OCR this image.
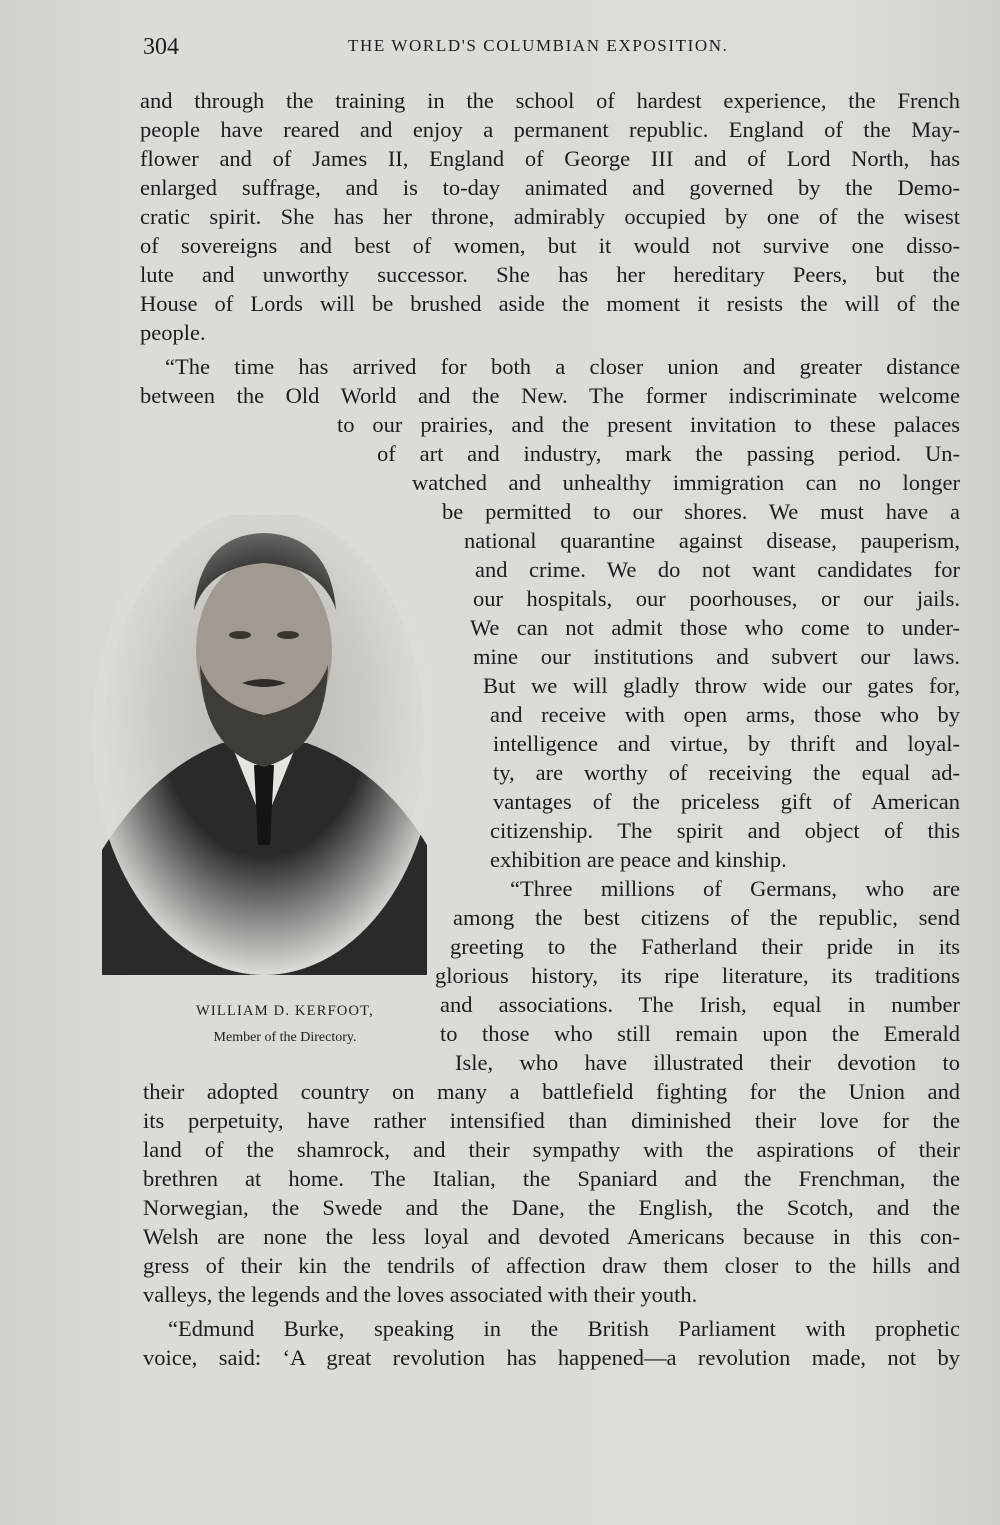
304	THE WORLD'S COLUMBIAN EXPOSITION.
and through the training in the school of hardest experience, the French
people have reared and enjoy a permanent republic. England of the May-
flower and of James II, England of George III and of Lord North, has
enlarged suffrage, and is to-day animated and governed by the Demo-
cratic spirit. She has her throne, admirably occupied by one of the wisest
of sovereigns and best of women, but it would not survive one disso-
lute and unworthy successor. She has her hereditary Peers, but the
House of Lords will be brushed aside the moment it resists the will of the
people.
“The time has arrived for both a closer union and greater distance
between the Old World and the New. The former indiscriminate welcome
to our prairies, and the present invitation to these palaces
of art and industry, mark the passing period. Un-
watched and unhealthy immigration can no longer
be permitted to our shores. We must have a
national quarantine against disease, pauperism,
and crime. We do not want candidates for
our hospitals, our poorhouses, or our jails.
We can not admit those who come to under-
mine our institutions and subvert our laws.
But we will gladly throw wide our gates for,
and receive with open arms, those who by
intelligence and virtue, by thrift and loyal-
ty, are worthy of receiving the equal ad-
vantages of the priceless gift of American
citizenship. The spirit and object of this
exhibition are peace and kinship.
“Three millions of Germans, who are
among the best citizens of the republic, send
greeting to the Fatherland their pride in its
glorious history, its ripe literature, its traditions
and associations. The Irish, equal in number
to those who still remain upon the Emerald
Isle, who have illustrated their devotion to
their adopted country on many a battlefield fighting for the Union and
its perpetuity, have rather intensified than diminished their love for the
land of the shamrock, and their sympathy with the aspirations of their
brethren at home. The Italian, the Spaniard and the Frenchman, the
Norwegian, the Swede and the Dane, the English, the Scotch, and the
Welsh are none the less loyal and devoted Americans because in this con-
gress of their kin the tendrils of affection draw them closer to the hills and
valleys, the legends and the loves associated with their youth.
“Edmund Burke, speaking in the British Parliament with prophetic
voice, said: ‘A great revolution has happened—a revolution made, not by
WILLIAM D. KERFOOT,
Member of the Directory.
